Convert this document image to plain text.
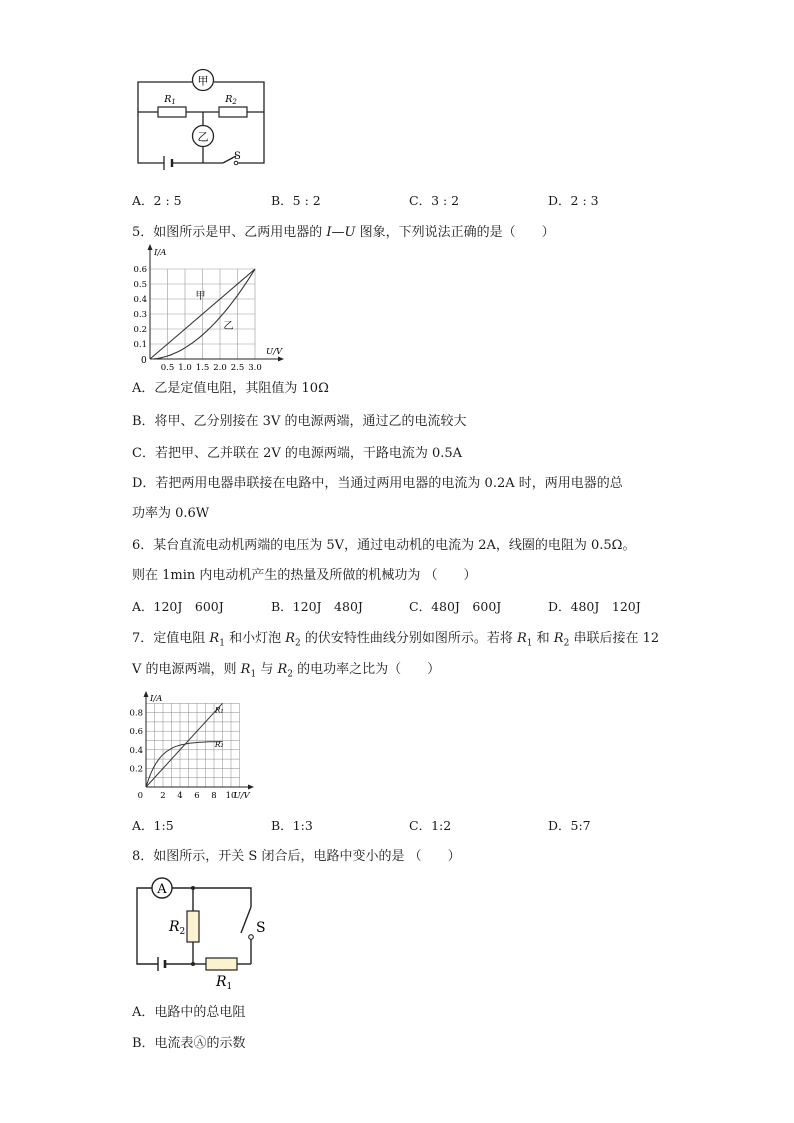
甲
乙
$R_1$	$R_2$
S
A．2 : 5	B．5 : 2	C．3 : 2	D．2 : 3
5．如图所示是甲、乙两用电器的 I—U 图象，下列说法正确的是（　　）
0.6
0.5
0.4
0.3
0.2
0.1
0.5 1.0 1.5 2.0 2.5 3.0
0
I/A
U/V
甲
乙
A．乙是定值电阻，其阻值为 10Ω
B．将甲、乙分别接在 3V 的电源两端，通过乙的电流较大
C．若把甲、乙并联在 2V 的电源两端，干路电流为 0.5A
D．若把两用电器串联接在电路中，当通过两用电器的电流为 0.2A 时，两用电器的总
功率为 0.6W
6．某台直流电动机两端的电压为 5V，通过电动机的电流为 2A，线圈的电阻为 0.5Ω。
则在 1min 内电动机产生的热量及所做的机械功为 （　　）
A．120J　600J	B．120J　480J	C．480J　600J	D．480J　120J
7．定值电阻 $R_1$ 和小灯泡 $R_2$ 的伏安特性曲线分别如图所示。若将 $R_1$ 和 $R_2$ 串联后接在 12
V 的电源两端，则 $R_1$ 与 $R_2$ 的电功率之比为（　　）
0.8
0.6
0.4
0.2
2 4 6 8 10
0
I/A
U/V
R₁
R₂
A．1:5	B．1:3	C．1:2	D．5:7
8．如图所示，开关 S 闭合后，电路中变小的是 （　　）
A
$R_2$
$R_1$
S
A．电路中的总电阻
B．电流表Ⓐ的示数
